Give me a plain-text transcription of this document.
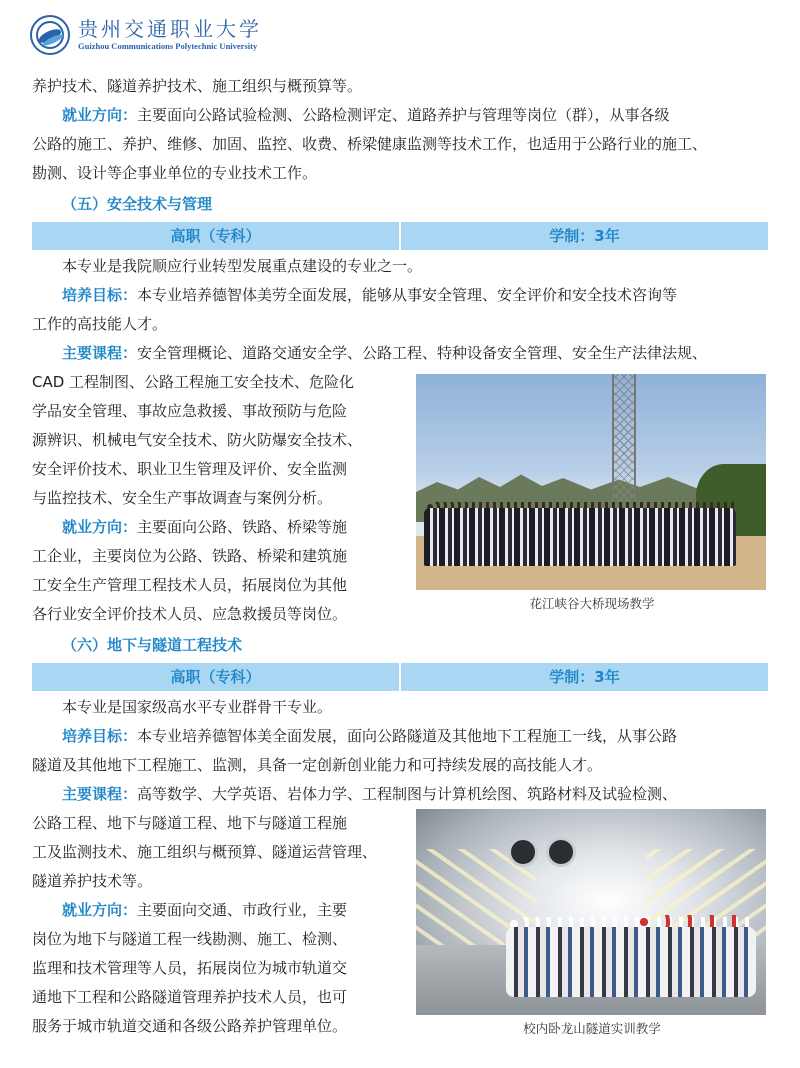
贵州交通职业大学
Guizhou Communications Polytechnic University
养护技术、隧道养护技术、施工组织与概预算等。
就业方向：主要面向公路试验检测、公路检测评定、道路养护与管理等岗位（群），从事各级
公路的施工、养护、维修、加固、监控、收费、桥梁健康监测等技术工作，也适用于公路行业的施工、
勘测、设计等企事业单位的专业技术工作。
（五）安全技术与管理
高职（专科）	学制：3年
本专业是我院顺应行业转型发展重点建设的专业之一。
培养目标：本专业培养德智体美劳全面发展，能够从事安全管理、安全评价和安全技术咨询等
工作的高技能人才。
主要课程：安全管理概论、道路交通安全学、公路工程、特种设备安全管理、安全生产法律法规、
CAD 工程制图、公路工程施工安全技术、危险化
学品安全管理、事故应急救援、事故预防与危险
源辨识、机械电气安全技术、防火防爆安全技术、
安全评价技术、职业卫生管理及评价、安全监测
与监控技术、安全生产事故调查与案例分析。
就业方向：主要面向公路、铁路、桥梁等施
工企业，主要岗位为公路、铁路、桥梁和建筑施
工安全生产管理工程技术人员，拓展岗位为其他
各行业安全评价技术人员、应急救援员等岗位。
花江峡谷大桥现场教学
（六）地下与隧道工程技术
高职（专科）	学制：3年
本专业是国家级高水平专业群骨干专业。
培养目标：本专业培养德智体美全面发展，面向公路隧道及其他地下工程施工一线，从事公路
隧道及其他地下工程施工、监测，具备一定创新创业能力和可持续发展的高技能人才。
主要课程：高等数学、大学英语、岩体力学、工程制图与计算机绘图、筑路材料及试验检测、
公路工程、地下与隧道工程、地下与隧道工程施
工及监测技术、施工组织与概预算、隧道运营管理、
隧道养护技术等。
就业方向：主要面向交通、市政行业，主要
岗位为地下与隧道工程一线勘测、施工、检测、
监理和技术管理等人员，拓展岗位为城市轨道交
通地下工程和公路隧道管理养护技术人员，也可
服务于城市轨道交通和各级公路养护管理单位。	校内卧龙山隧道实训教学
